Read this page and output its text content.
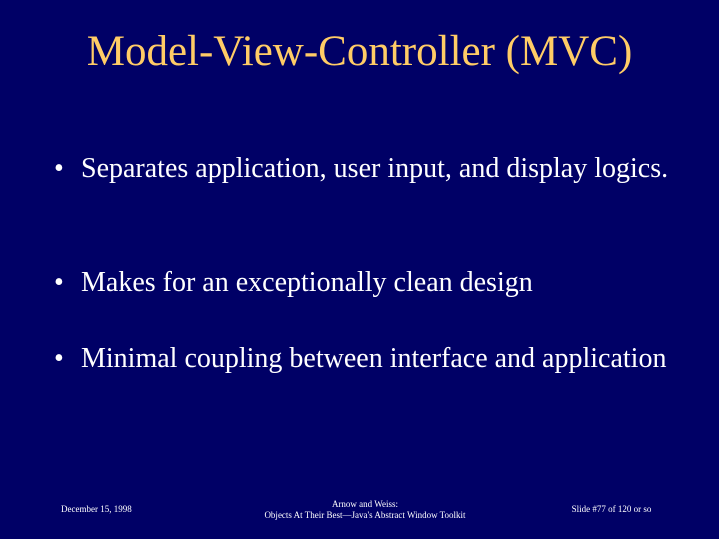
Model-View-Controller (MVC)
• Separates application, user input, and display logics.
• Makes for an exceptionally clean design
• Minimal coupling between interface and application
December 15, 1998	Arnow and Weiss:
Objects At Their Best—Java's Abstract Window Toolkit
Slide #77 of 120 or so
